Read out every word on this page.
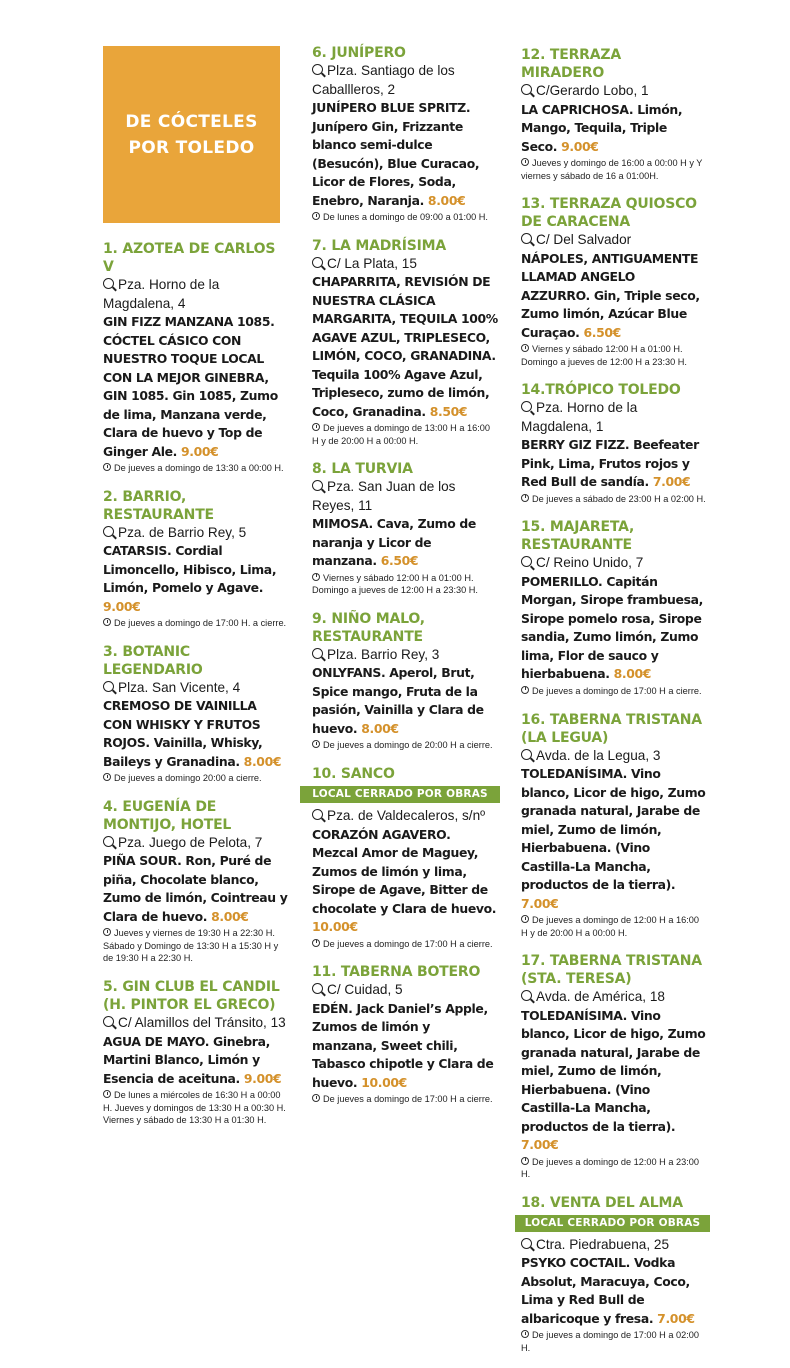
DE CÓCTELES
POR TOLEDO
1. AZOTEA DE CARLOS V
Pza. Horno de la Magdalena, 4
GIN FIZZ MANZANA 1085. CÓCTEL CÁSICO CON NUESTRO TOQUE LOCAL CON LA MEJOR GINEBRA, GIN 1085. Gin 1085, Zumo de lima, Manzana verde, Clara de huevo y Top de Ginger Ale. 9.00€
De jueves a domingo de 13:30 a 00:00 H.
2. BARRIO, RESTAURANTE
Pza. de Barrio Rey, 5
CATARSIS. Cordial Limoncello, Hibisco, Lima, Limón, Pomelo y Agave. 9.00€
De jueves a domingo de 17:00 H. a cierre.
3. BOTANIC LEGENDARIO
Plza. San Vicente, 4
CREMOSO DE VAINILLA CON WHISKY Y FRUTOS ROJOS. Vainilla, Whisky, Baileys y Granadina. 8.00€
De jueves a domingo 20:00 a cierre.
4. EUGENÍA DE MONTIJO, HOTEL
Pza. Juego de Pelota, 7
PIÑA SOUR. Ron, Puré de piña, Chocolate blanco, Zumo de limón, Cointreau y Clara de huevo. 8.00€
Jueves y viernes de 19:30 H a 22:30 H. Sábado y Domingo de 13:30 H a 15:30 H y de 19:30 H a 22:30 H.
5. GIN CLUB EL CANDIL (H. PINTOR EL GRECO)
C/ Alamillos del Tránsito, 13
AGUA DE MAYO. Ginebra, Martini Blanco, Limón y Esencia de aceituna. 9.00€
De lunes a miércoles de 16:30 H a 00:00 H. Jueves y domingos de 13:30 H a 00:30 H. Viernes y sábado de 13:30 H a 01:30 H.
6. JUNÍPERO
Plza. Santiago de los Caballleros, 2
JUNÍPERO BLUE SPRITZ. Junípero Gin, Frizzante blanco semi-dulce (Besucón), Blue Curacao, Licor de Flores, Soda, Enebro, Naranja. 8.00€
De lunes a domingo de 09:00 a 01:00 H.
7. LA MADRÍSIMA
C/ La Plata, 15
CHAPARRITA, REVISIÓN DE NUESTRA CLÁSICA MARGARITA, TEQUILA 100% AGAVE AZUL, TRIPLESECO, LIMÓN, COCO, GRANADINA. Tequila 100% Agave Azul, Tripleseco, zumo de limón, Coco, Granadina. 8.50€
De jueves a domingo de 13:00 H a 16:00 H y de 20:00 H a 00:00 H.
8. LA TURVIA
Pza. San Juan de los Reyes, 11
MIMOSA. Cava, Zumo de naranja y Licor de manzana. 6.50€
Viernes y sábado 12:00 H a 01:00 H. Domingo a jueves de 12:00 H a 23:30 H.
9. NIÑO MALO, RESTAURANTE
Plza. Barrio Rey, 3
ONLYFANS. Aperol, Brut, Spice mango, Fruta de la pasión, Vainilla y Clara de huevo. 8.00€
De jueves a domingo de 20:00 H a cierre.
10. SANCO
LOCAL CERRADO POR OBRAS
Pza. de Valdecaleros, s/nº
CORAZÓN AGAVERO. Mezcal Amor de Maguey, Zumos de limón y lima, Sirope de Agave, Bitter de chocolate y Clara de huevo. 10.00€
De jueves a domingo de 17:00 H a cierre.
11. TABERNA BOTERO
C/ Cuidad, 5
EDÉN. Jack Daniel’s Apple, Zumos de limón y manzana, Sweet chili, Tabasco chipotle y Clara de huevo. 10.00€
De jueves a domingo de 17:00 H a cierre.
12. TERRAZA MIRADERO
C/Gerardo Lobo, 1
LA CAPRICHOSA. Limón, Mango, Tequila, Triple Seco. 9.00€
Jueves y domingo de 16:00 a 00:00 H y Y viernes y sábado de 16 a 01:00H.
13. TERRAZA QUIOSCO DE CARACENA
C/ Del Salvador
NÁPOLES, ANTIGUAMENTE LLAMAD ANGELO AZZURRO. Gin, Triple seco, Zumo limón, Azúcar Blue Curaçao. 6.50€
Viernes y sábado 12:00 H a 01:00 H. Domingo a jueves de 12:00 H a 23:30 H.
14.TRÓPICO TOLEDO
Pza. Horno de la Magdalena, 1
BERRY GIZ FIZZ. Beefeater Pink, Lima, Frutos rojos y Red Bull de sandía. 7.00€
De jueves a sábado de 23:00 H a 02:00 H.
15. MAJARETA, RESTAURANTE
C/ Reino Unido, 7
POMERILLO. Capitán Morgan, Sirope frambuesa, Sirope pomelo rosa, Sirope sandia, Zumo limón, Zumo lima, Flor de sauco y hierbabuena. 8.00€
De jueves a domingo de 17:00 H a cierre.
16. TABERNA TRISTANA (LA LEGUA)
Avda. de la Legua, 3
TOLEDANÍSIMA. Vino blanco, Licor de higo, Zumo granada natural, Jarabe de miel, Zumo de limón, Hierbabuena. (Vino Castilla-La Mancha, productos de la tierra). 7.00€
De jueves a domingo de 12:00 H a 16:00 H y de 20:00 H a 00:00 H.
17. TABERNA TRISTANA (STA. TERESA)
Avda. de América, 18
TOLEDANÍSIMA. Vino blanco, Licor de higo, Zumo granada natural, Jarabe de miel, Zumo de limón, Hierbabuena. (Vino Castilla-La Mancha, productos de la tierra). 7.00€
De jueves a domingo de 12:00 H a 23:00 H.
18. VENTA DEL ALMA
LOCAL CERRADO POR OBRAS
Ctra. Piedrabuena, 25
PSYKO COCTAIL. Vodka Absolut, Maracuya, Coco, Lima y Red Bull de albaricoque y fresa. 7.00€
De jueves a domingo de 17:00 H a 02:00 H.
